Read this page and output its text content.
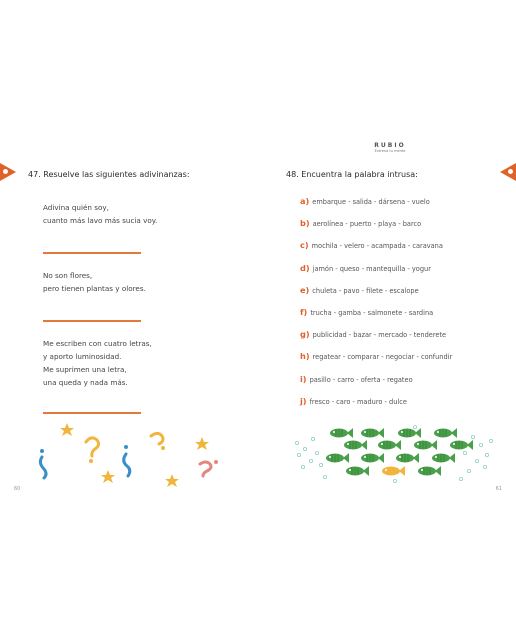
RUBIO
Entrena tu mente
47. Resuelve las siguientes adivinanzas:
Adivina quién soy,
cuanto más lavo más sucia voy.
No son flores,
pero tienen plantas y olores.
Me escriben con cuatro letras,
y aporto luminosidad.
Me suprimen una letra,
una queda y nada más.
60
48. Encuentra la palabra intrusa:
a) embarque - salida - dársena - vuelo
b) aerolínea - puerto - playa - barco
c) mochila - velero - acampada - caravana
d) jamón - queso - mantequilla - yogur
e) chuleta - pavo - filete - escalope
f) trucha - gamba - salmonete - sardina
g) publicidad - bazar - mercado - tenderete
h) regatear - comparar - negociar - confundir
i) pasillo - carro - oferta - regateo
j) fresco - caro - maduro - dulce
61
